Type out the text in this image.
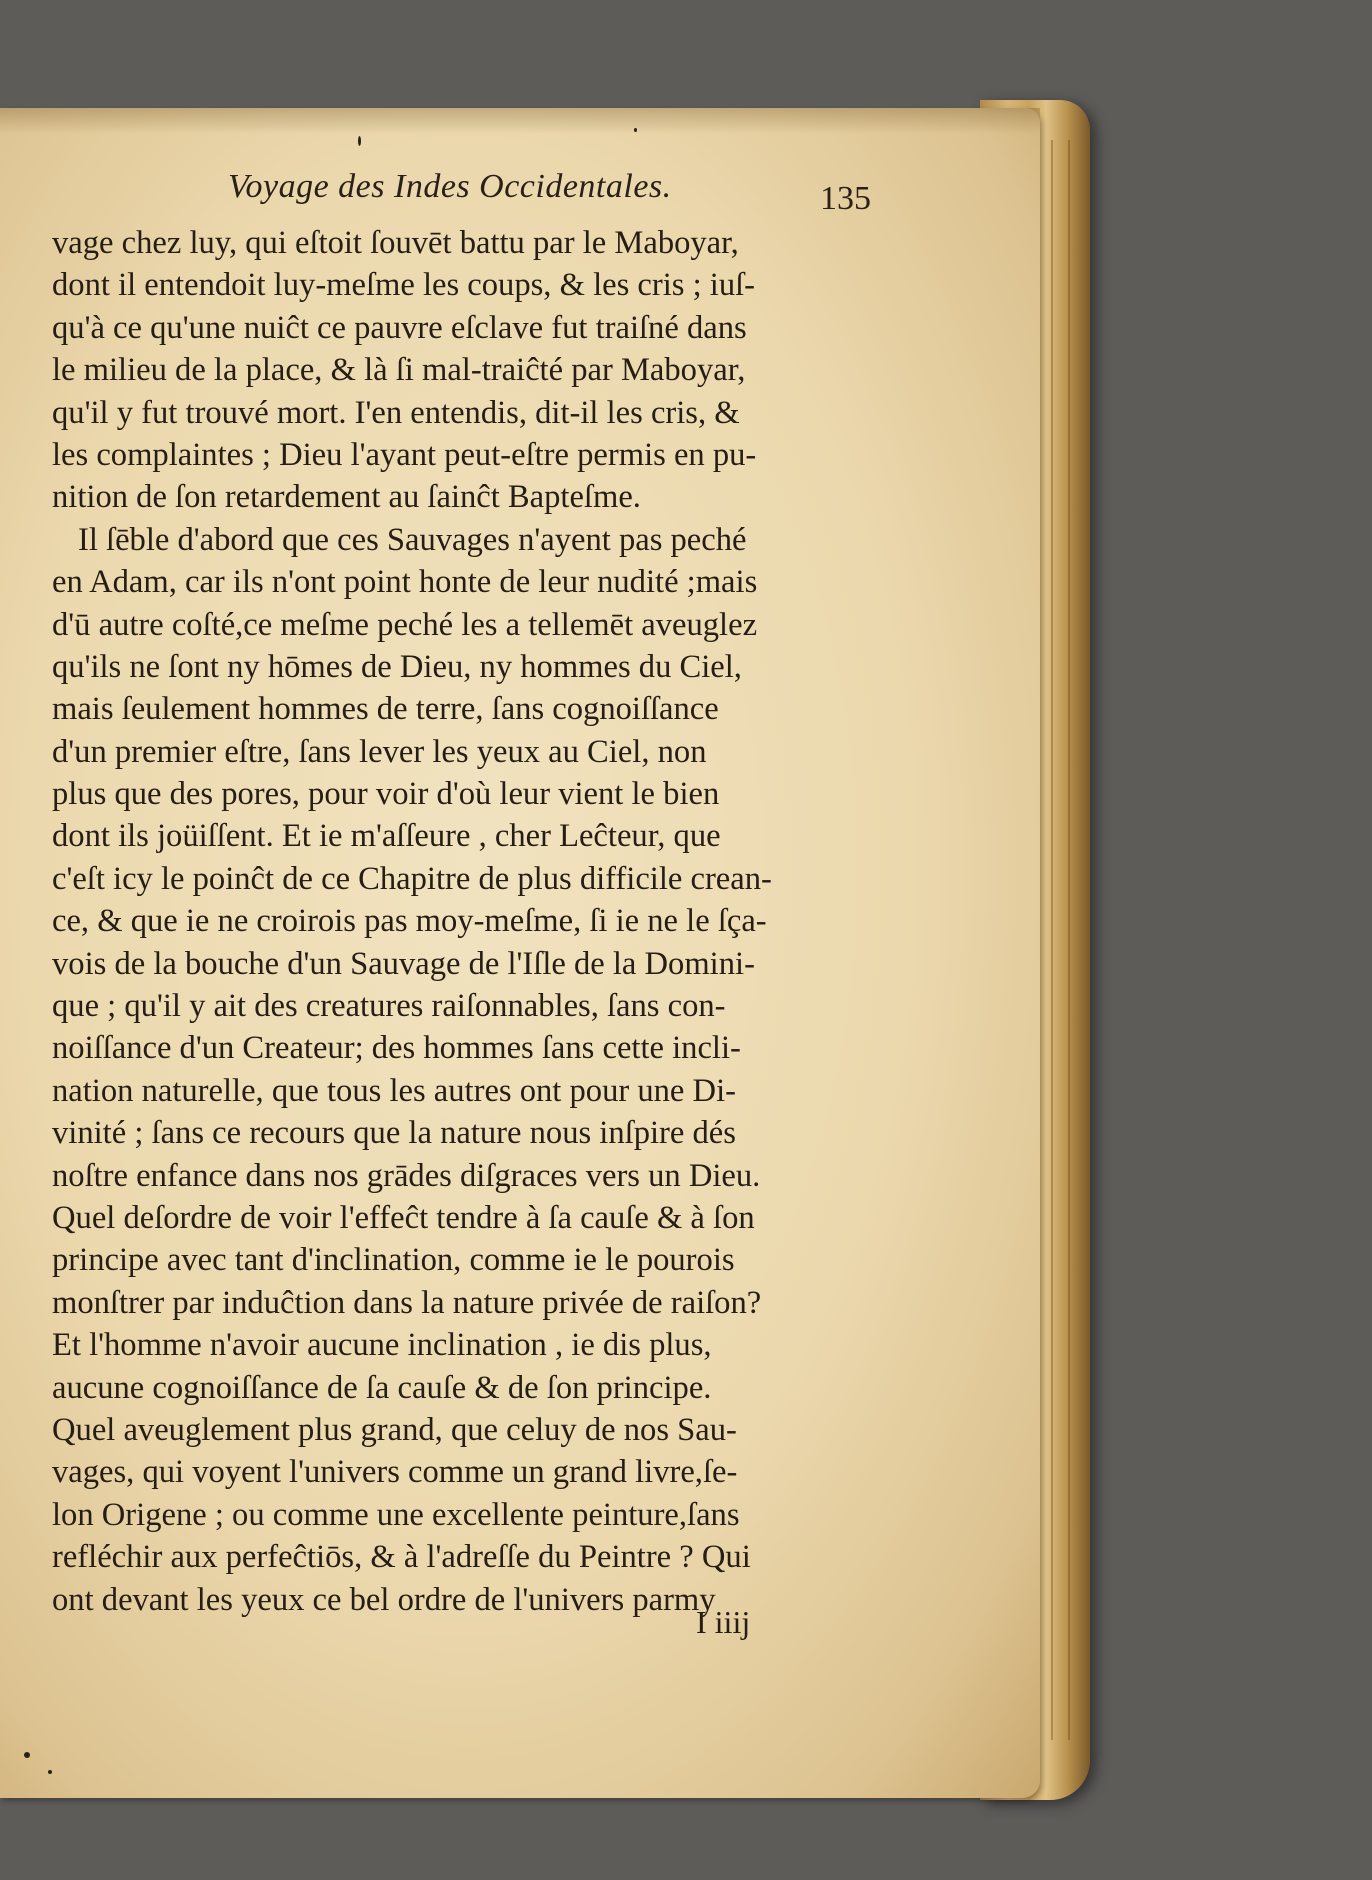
Voyage des Indes Occidentales.	135
vage chez luy, qui eſtoit ſouvēt battu par le Maboyar,
dont il entendoit luy-meſme les coups, & les cris ; iuſ-
qu'à ce qu'une nuiĉt ce pauvre eſclave fut traiſné dans
le milieu de la place, & là ſi mal-traiĉté par Maboyar,
qu'il y fut trouvé mort. I'en entendis, dit-il les cris, &
les complaintes ; Dieu l'ayant peut-eſtre permis en pu-
nition de ſon retardement au ſainĉt Bapteſme.
Il ſēble d'abord que ces Sauvages n'ayent pas peché
en Adam, car ils n'ont point honte de leur nudité ;mais
d'ū autre coſté,ce meſme peché les a tellemēt aveuglez
qu'ils ne ſont ny hōmes de Dieu, ny hommes du Ciel,
mais ſeulement hommes de terre, ſans cognoiſſance
d'un premier eſtre, ſans lever les yeux au Ciel, non
plus que des pores, pour voir d'où leur vient le bien
dont ils joüiſſent. Et ie m'aſſeure , cher Leĉteur, que
c'eſt icy le poinĉt de ce Chapitre de plus difficile crean-
ce, & que ie ne croirois pas moy-meſme, ſi ie ne le ſça-
vois de la bouche d'un Sauvage de l'Iſle de la Domini-
que ; qu'il y ait des creatures raiſonnables, ſans con-
noiſſance d'un Createur; des hommes ſans cette incli-
nation naturelle, que tous les autres ont pour une Di-
vinité ; ſans ce recours que la nature nous inſpire dés
noſtre enfance dans nos grādes diſgraces vers un Dieu.
Quel deſordre de voir l'effeĉt tendre à ſa cauſe & à ſon
principe avec tant d'inclination, comme ie le pourois
monſtrer par induĉtion dans la nature privée de raiſon?
Et l'homme n'avoir aucune inclination , ie dis plus,
aucune cognoiſſance de ſa cauſe & de ſon principe.
Quel aveuglement plus grand, que celuy de nos Sau-
vages, qui voyent l'univers comme un grand livre,ſe-
lon Origene ; ou comme une excellente peinture,ſans
refléchir aux perfeĉtiōs, & à l'adreſſe du Peintre ? Qui
ont devant les yeux ce bel ordre de l'univers parmy
I iiij
